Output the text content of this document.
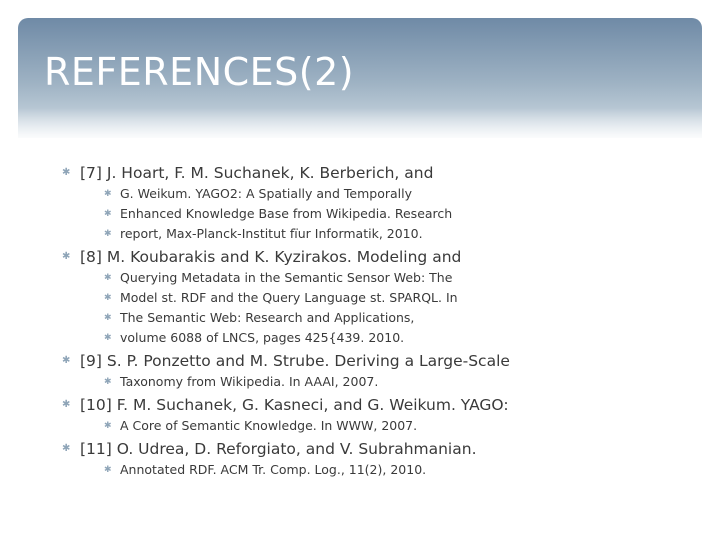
REFERENCES(2)
✱ [7] J. Hoart, F. M. Suchanek, K. Berberich, and
✱ G. Weikum. YAGO2: A Spatially and Temporally
✱ Enhanced Knowledge Base from Wikipedia. Research
✱ report, Max-Planck-Institut fïur Informatik, 2010.
✱ [8] M. Koubarakis and K. Kyzirakos. Modeling and
✱ Querying Metadata in the Semantic Sensor Web: The
✱ Model st. RDF and the Query Language st. SPARQL. In
✱ The Semantic Web: Research and Applications,
✱ volume 6088 of LNCS, pages 425{439. 2010.
✱ [9] S. P. Ponzetto and M. Strube. Deriving a Large-Scale
✱ Taxonomy from Wikipedia. In AAAI, 2007.
✱ [10] F. M. Suchanek, G. Kasneci, and G. Weikum. YAGO:
✱ A Core of Semantic Knowledge. In WWW, 2007.
✱ [11] O. Udrea, D. Reforgiato, and V. Subrahmanian.
✱ Annotated RDF. ACM Tr. Comp. Log., 11(2), 2010.
